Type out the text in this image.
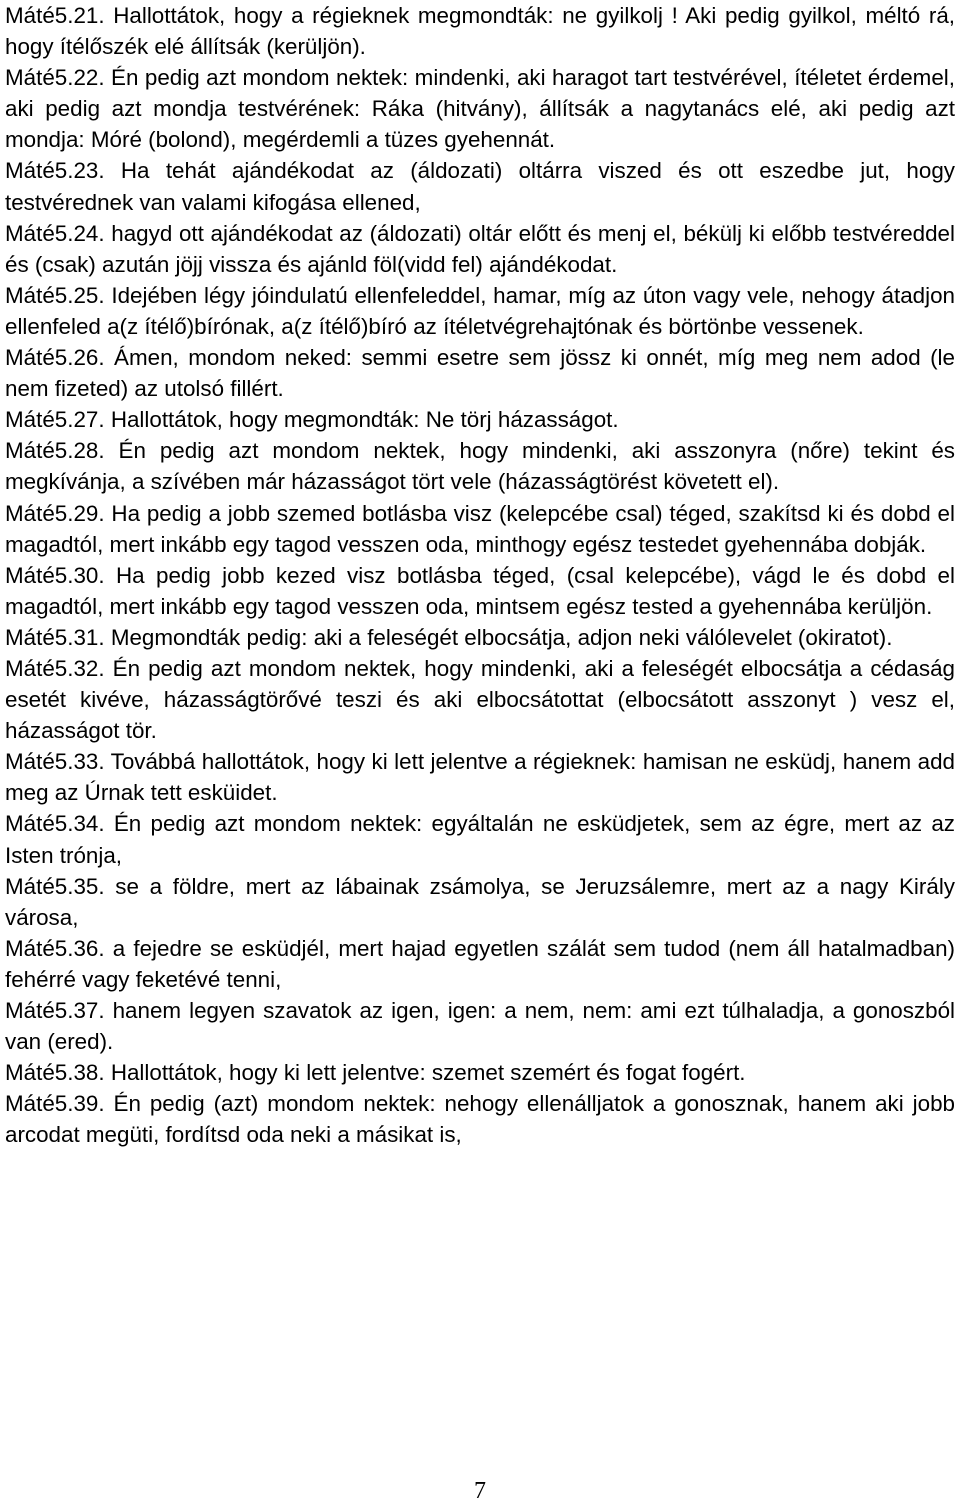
Máté5.21. Hallottátok, hogy a régieknek megmondták: ne gyilkolj ! Aki pedig gyilkol, méltó rá, hogy ítélőszék elé állítsák (kerüljön).

Máté5.22. Én pedig azt mondom nektek: mindenki, aki haragot tart testvérével, ítéletet érdemel, aki pedig azt mondja testvérének: Ráka (hitvány), állítsák a nagytanács elé, aki pedig azt mondja: Móré (bolond), megérdemli a tüzes gyehennát.

Máté5.23. Ha tehát ajándékodat az (áldozati) oltárra viszed és ott eszedbe jut, hogy testvérednek van valami kifogása ellened,

Máté5.24. hagyd ott ajándékodat az (áldozati) oltár előtt és menj el, békülj ki előbb testvéreddel és (csak) azután jöjj vissza és ajánld föl(vidd fel) ajándékodat.

Máté5.25. Idejében légy jóindulatú ellenfeleddel, hamar, míg az úton vagy vele, nehogy átadjon ellenfeled a(z ítélő)bírónak, a(z ítélő)bíró az ítéletvégrehajtónak és börtönbe vessenek.

Máté5.26. Ámen, mondom neked: semmi esetre sem jössz ki onnét, míg meg nem adod (le nem fizeted) az utolsó fillért.

Máté5.27. Hallottátok, hogy megmondták: Ne törj házasságot.

Máté5.28. Én pedig azt mondom nektek, hogy mindenki, aki asszonyra (nőre) tekint és megkívánja, a szívében már házasságot tört vele (házasságtörést követett el).

Máté5.29. Ha pedig a jobb szemed botlásba visz (kelepcébe csal) téged, szakítsd ki és dobd el magadtól, mert inkább egy tagod vesszen oda, minthogy egész testedet gyehennába dobják.

Máté5.30. Ha pedig jobb kezed visz botlásba téged, (csal kelepcébe), vágd le és dobd el magadtól, mert inkább egy tagod vesszen oda, mintsem egész tested a gyehennába kerüljön.

Máté5.31. Megmondták pedig: aki a feleségét elbocsátja, adjon neki válólevelet (okiratot).

Máté5.32. Én pedig azt mondom nektek, hogy mindenki, aki a feleségét elbocsátja a cédaság esetét kivéve, házasságtörővé teszi és aki elbocsátottat (elbocsátott asszonyt ) vesz el, házasságot tör.

Máté5.33. Továbbá hallottátok, hogy ki lett jelentve a régieknek: hamisan ne esküdj, hanem add meg az Úrnak tett esküidet.

Máté5.34. Én pedig azt mondom nektek: egyáltalán ne esküdjetek, sem az égre, mert az az Isten trónja,

Máté5.35. se a földre, mert az lábainak zsámolya, se Jeruzsálemre, mert az a nagy Király városa,

Máté5.36. a fejedre se esküdjél, mert hajad egyetlen szálát sem tudod (nem áll hatalmadban) fehérré vagy feketévé tenni,

Máté5.37. hanem legyen szavatok az igen, igen: a nem, nem: ami ezt túlhaladja, a gonoszból van (ered).

Máté5.38. Hallottátok, hogy ki lett jelentve: szemet szemért és fogat fogért.

Máté5.39. Én pedig (azt) mondom nektek: nehogy ellenálljatok a gonosznak, hanem aki jobb arcodat megüti, fordítsd oda neki a másikat is,

7
